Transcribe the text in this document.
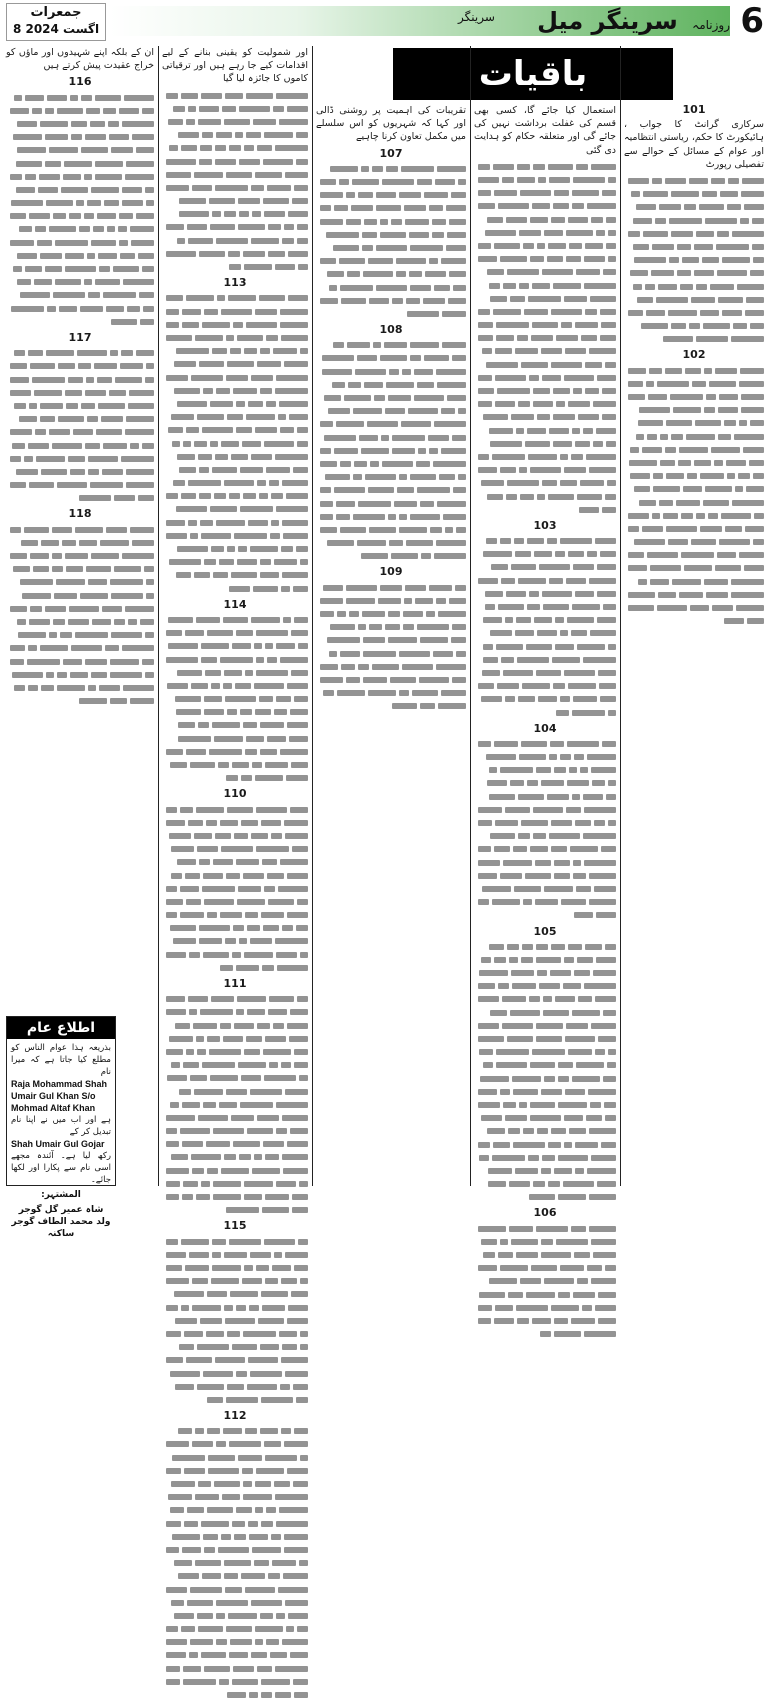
جمعرات
8 اگست 2024
سرینگر
روزنامہ سرینگر میل	6
باقیات
101
سرکاری گرانٹ کا جواب ، ہائیکورٹ کا حکم، ریاستی انتظامیہ اور عوام کے مسائل کے حوالے سے تفصیلی رپورٹ
102
استعمال کیا جائے گا، کسی بھی قسم کی غفلت برداشت نہیں کی جائے گی اور متعلقہ حکام کو ہدایت دی گئی
103
104
105
106
تقریبات کی اہمیت پر روشنی ڈالی اور کہا کہ شہریوں کو اس سلسلے میں مکمل تعاون کرنا چاہیے
107
108
109
اور شمولیت کو یقینی بنانے کے لیے اقدامات کیے جا رہے ہیں اور ترقیاتی کاموں کا جائزہ لیا گیا
113
114
110
111
115
112
ان کے بلکہ اپنے شہیدوں اور ماؤں کو خراج عقیدت پیش کرتے ہیں
116
117
118
اطلاع عام
بذریعہ ہذا عوام الناس کو مطلع کیا جاتا ہے کہ میرا نام
Raja Mohammad Shah Umair Gul Khan S/o
Mohmad Altaf Khan
ہے اور اب میں نے اپنا نام تبدیل کر کے
Shah Umair Gul Gojar
رکھ لیا ہے۔ آئندہ مجھے اسی نام سے پکارا اور لکھا جائے۔
المشتہر:
شاہ عمیر گل گوجر ولد محمد الطاف گوجر ساکنہ
